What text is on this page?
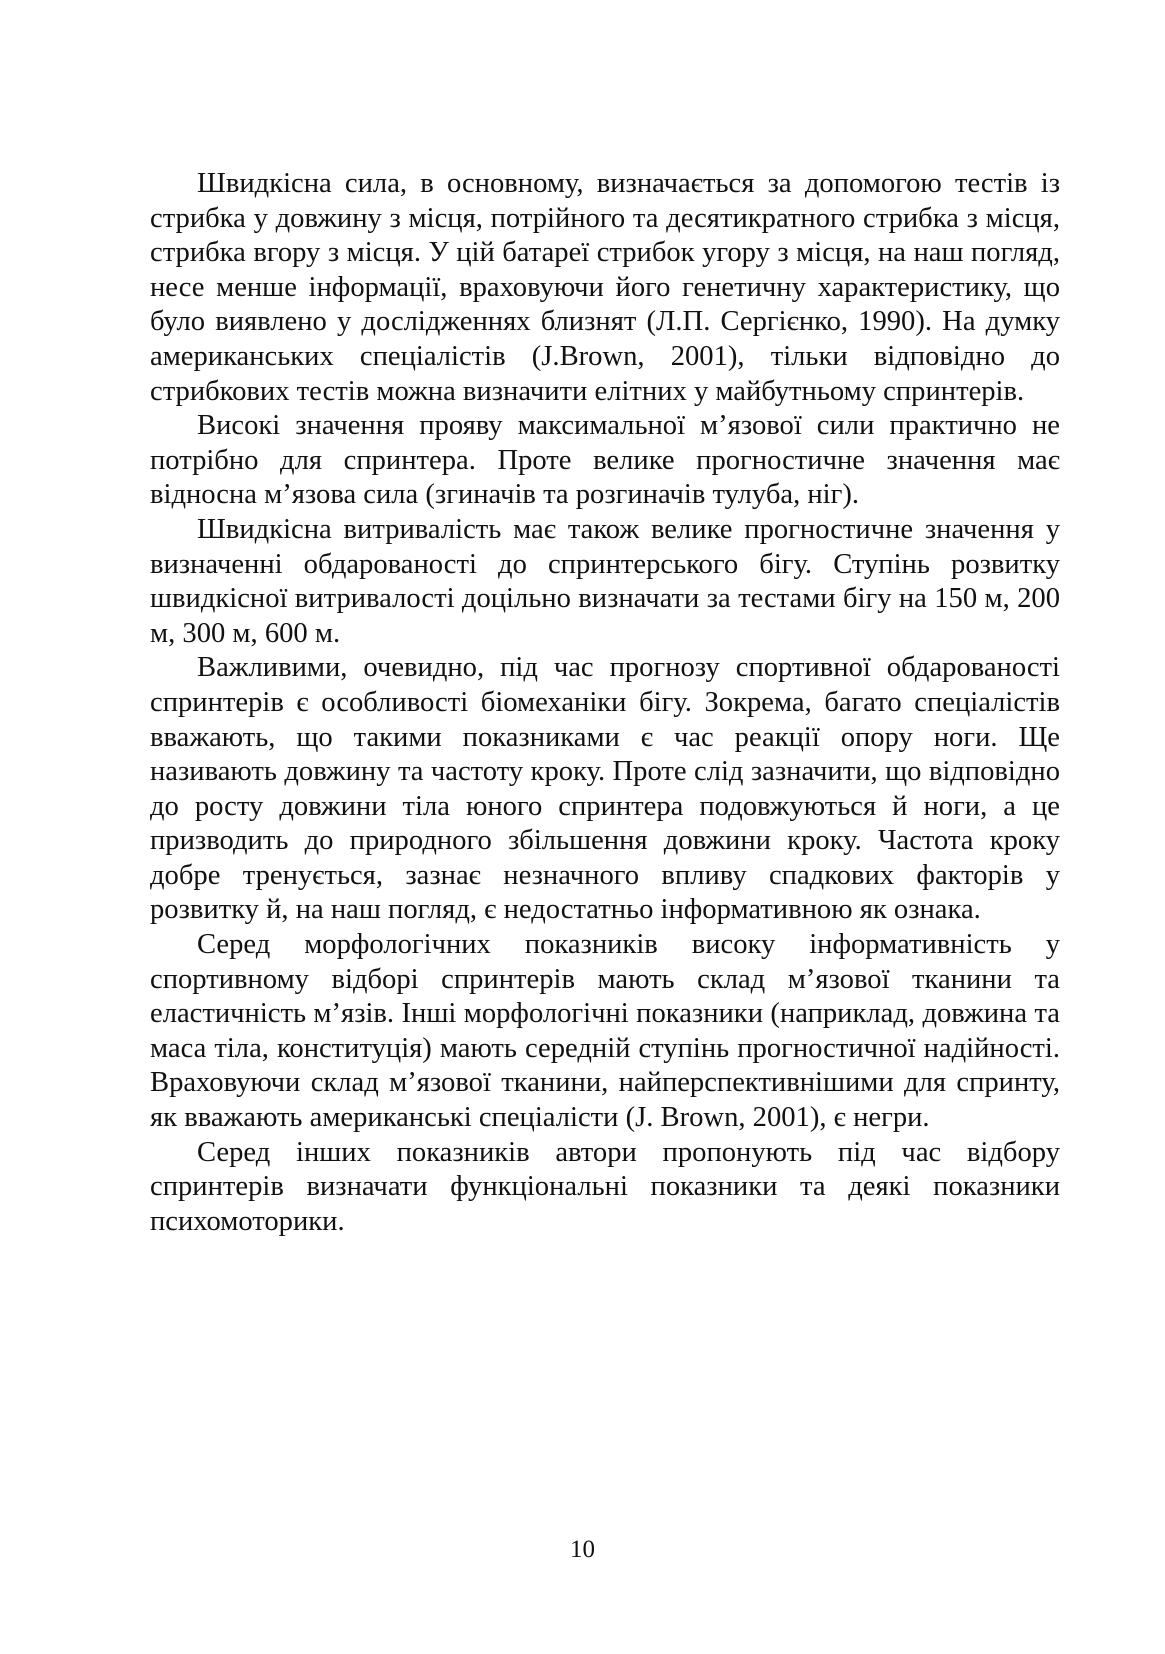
Швидкісна сила, в основному, визначається за допомогою тестів із стрибка у довжину з місця, потрійного та десятикратного стрибка з місця, стрибка вгору з місця. У цій батареї стрибок угору з місця, на наш погляд, несе менше інформації, враховуючи його генетичну характеристику, що було виявлено у дослідженнях близнят (Л.П. Сергієнко, 1990). На думку американських спеціалістів (J.Brown, 2001), тільки відповідно до стрибкових тестів можна визначити елітних у майбутньому спринтерів.

Високі значення прояву максимальної м’язової сили практично не потрібно для спринтера. Проте велике прогностичне значення має відносна м’язова сила (згиначів та розгиначів тулуба, ніг).

Швидкісна витривалість має також велике прогностичне значення у визначенні обдарованості до спринтерського бігу. Ступінь розвитку швидкісної витривалості доцільно визначати за тестами бігу на 150 м, 200 м, 300 м, 600 м.

Важливими, очевидно, під час прогнозу спортивної обдарованості спринтерів є особливості біомеханіки бігу. Зокрема, багато спеціалістів вважають, що такими показниками є час реакції опору ноги. Ще називають довжину та частоту кроку. Проте слід зазначити, що відповідно до росту довжини тіла юного спринтера подовжуються й ноги, а це призводить до природного збільшення довжини кроку. Частота кроку добре тренується, зазнає незначного впливу спадкових факторів у розвитку й, на наш погляд, є недостатньо інформативною як ознака.

Серед морфологічних показників високу інформативність у спортивному відборі спринтерів мають склад м’язової тканини та еластичність м’язів. Інші морфологічні показники (наприклад, довжина та маса тіла, конституція) мають середній ступінь прогностичної надійності. Враховуючи склад м’язової тканини, найперспективнішими для спринту, як вважають американські спеціалісти (J. Brown, 2001), є негри.

Серед інших показників автори пропонують під час відбору спринтерів визначати функціональні показники та деякі показники психомоторики.

10
